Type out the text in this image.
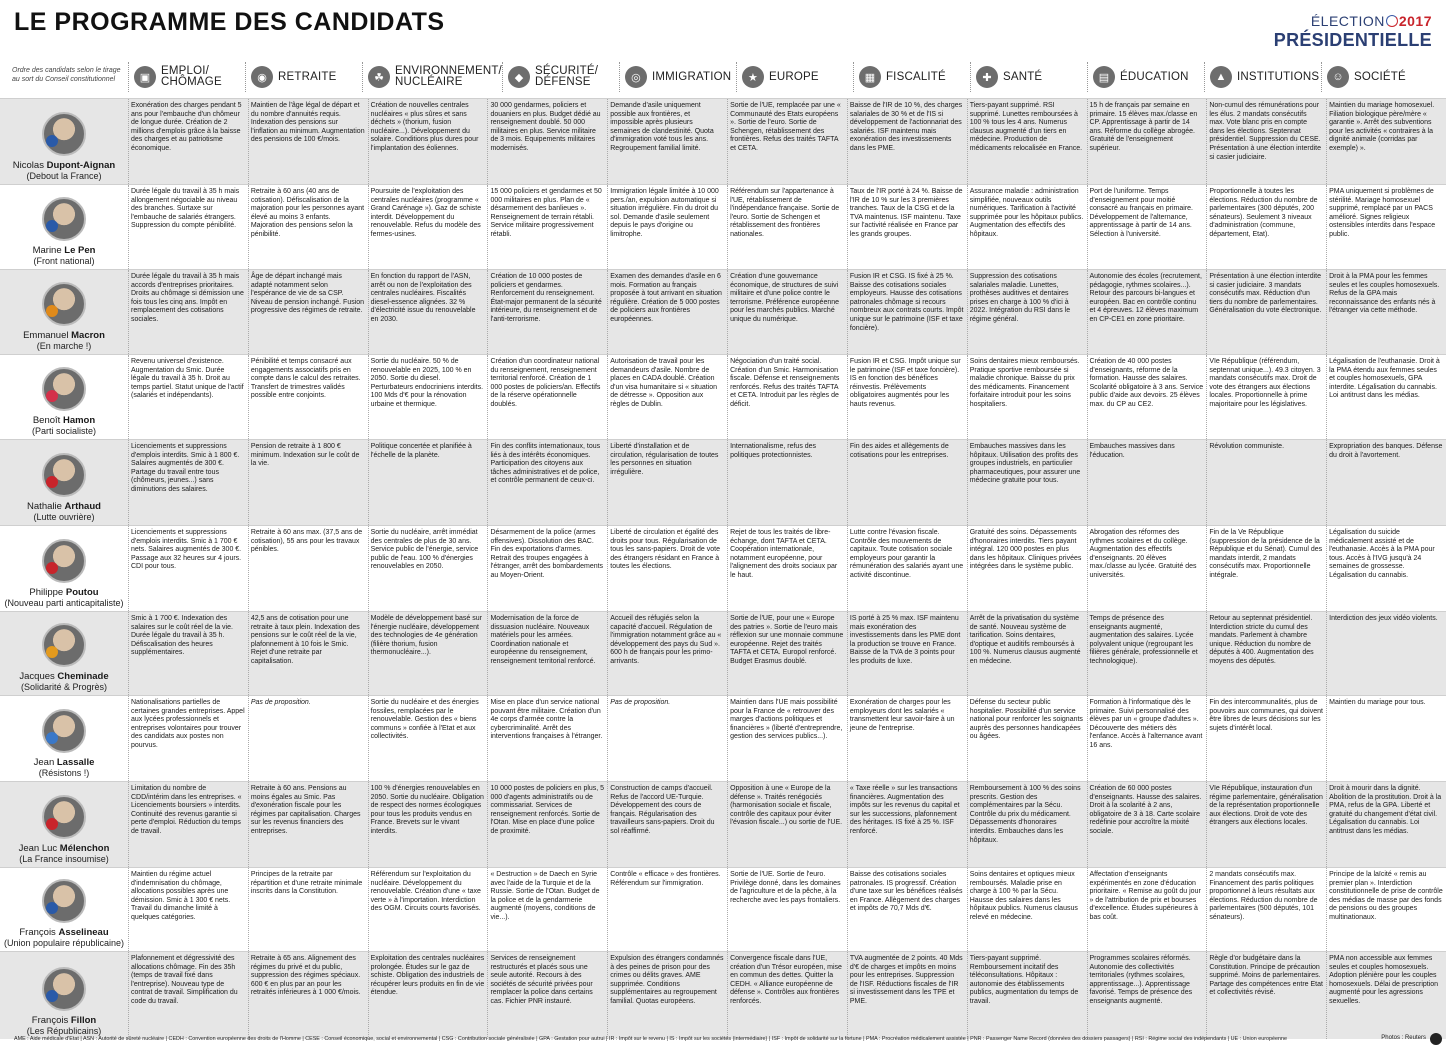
LE PROGRAMME DES CANDIDATS	ÉLECTION 2017
PRÉSIDENTIELLE
Ordre des candidats selon le tirage au sort du Conseil constitutionnel	▣
EMPLOI/
CHÔMAGE	◉ RETRAITE	☘
ENVIRONNEMENT/
NUCLÉAIRE	◆
SÉCURITÉ/
DÉFENSE	◎ IMMIGRATION	★ EUROPE	▦ FISCALITÉ	✚ SANTÉ	▤ ÉDUCATION	▲ INSTITUTIONS	☺ SOCIÉTÉ
Nicolas Dupont-Aignan
(Debout la France)
Exonération des charges pendant 5 ans pour l'embauche d'un chômeur de longue durée. Création de 2 millions d'emplois grâce à la baisse des charges et au patriotisme économique.
Maintien de l'âge légal de départ et du nombre d'annuités requis. Indexation des pensions sur l'inflation au minimum. Augmentation des pensions de 100 €/mois.
Création de nouvelles centrales nucléaires « plus sûres et sans déchets » (thorium, fusion nucléaire...). Développement du solaire. Conditions plus dures pour l'implantation des éoliennes.
30 000 gendarmes, policiers et douaniers en plus. Budget dédié au renseignement doublé. 50 000 militaires en plus. Service militaire de 3 mois. Equipements militaires modernisés.
Demande d'asile uniquement possible aux frontières, et impossible après plusieurs semaines de clandestinité. Quota d'immigration voté tous les ans. Regroupement familial limité.
Sortie de l'UE, remplacée par une « Communauté des Etats européens ». Sortie de l'euro. Sortie de Schengen, rétablissement des frontières. Refus des traités TAFTA et CETA.
Baisse de l'IR de 10 %, des charges salariales de 30 % et de l'IS si développement de l'actionnariat des salariés. ISF maintenu mais exonération des investissements dans les PME.
Tiers-payant supprimé. RSI supprimé. Lunettes remboursées à 100 % tous les 4 ans. Numerus clausus augmenté d'un tiers en médecine. Production de médicaments relocalisée en France.
15 h de français par semaine en primaire. 15 élèves max./classe en CP. Apprentissage à partir de 14 ans. Réforme du collège abrogée. Gratuité de l'enseignement supérieur.
Non-cumul des rémunérations pour les élus. 2 mandats consécutifs max. Vote blanc pris en compte dans les élections. Septennat présidentiel. Suppression du CESE. Présentation à une élection interdite si casier judiciaire.
Maintien du mariage homosexuel. Filiation biologique père/mère « garantie ». Arrêt des subventions pour les activités « contraires à la dignité animale (corridas par exemple) ».
Marine Le Pen
(Front national)
Durée légale du travail à 35 h mais allongement négociable au niveau des branches. Surtaxe sur l'embauche de salariés étrangers. Suppression du compte pénibilité.
Retraite à 60 ans (40 ans de cotisation). Défiscalisation de la majoration pour les personnes ayant élevé au moins 3 enfants. Majoration des pensions selon la pénibilité.
Poursuite de l'exploitation des centrales nucléaires (programme « Grand Carénage »). Gaz de schiste interdit. Développement du renouvelable. Refus du modèle des fermes-usines.
15 000 policiers et gendarmes et 50 000 militaires en plus. Plan de « désarmement des banlieues ». Renseignement de terrain rétabli. Service militaire progressivement rétabli.
Immigration légale limitée à 10 000 pers./an, expulsion automatique si situation irrégulière. Fin du droit du sol. Demande d'asile seulement depuis le pays d'origine ou limitrophe.
Référendum sur l'appartenance à l'UE, rétablissement de l'indépendance française. Sortie de l'euro. Sortie de Schengen et rétablissement des frontières nationales.
Taux de l'IR porté à 24 %. Baisse de l'IR de 10 % sur les 3 premières tranches. Taux de la CSG et de la TVA maintenus. ISF maintenu. Taxe sur l'activité réalisée en France par les grands groupes.
Assurance maladie : administration simplifiée, nouveaux outils numériques. Tarification à l'activité supprimée pour les hôpitaux publics. Augmentation des effectifs des hôpitaux.
Port de l'uniforme. Temps d'enseignement pour moitié consacré au français en primaire. Développement de l'alternance, apprentissage à partir de 14 ans. Sélection à l'université.
Proportionnelle à toutes les élections. Réduction du nombre de parlementaires (300 députés, 200 sénateurs). Seulement 3 niveaux d'administration (commune, département, Etat).
PMA uniquement si problèmes de stérilité. Mariage homosexuel supprimé, remplacé par un PACS amélioré. Signes religieux ostensibles interdits dans l'espace public.
Emmanuel Macron
(En marche !)
Durée légale du travail à 35 h mais accords d'entreprises prioritaires. Droits au chômage si démission une fois tous les cinq ans. Impôt en remplacement des cotisations sociales.
Âge de départ inchangé mais adapté notamment selon l'espérance de vie de sa CSP. Niveau de pension inchangé. Fusion progressive des régimes de retraite.
En fonction du rapport de l'ASN, arrêt ou non de l'exploitation des centrales nucléaires. Fiscalités diesel-essence alignées. 32 % d'électricité issue du renouvelable en 2030.
Création de 10 000 postes de policiers et gendarmes. Renforcement du renseignement. État-major permanent de la sécurité intérieure, du renseignement et de l'anti-terrorisme.
Examen des demandes d'asile en 6 mois. Formation au français proposée à tout arrivant en situation régulière. Création de 5 000 postes de policiers aux frontières européennes.
Création d'une gouvernance économique, de structures de suivi militaire et d'une police contre le terrorisme. Préférence européenne pour les marchés publics. Marché unique du numérique.
Fusion IR et CSG. IS fixé à 25 %. Baisse des cotisations sociales employeurs. Hausse des cotisations patronales chômage si recours nombreux aux contrats courts. Impôt unique sur le patrimoine (ISF et taxe foncière).
Suppression des cotisations salariales maladie. Lunettes, prothèses auditives et dentaires prises en charge à 100 % d'ici à 2022. Intégration du RSI dans le régime général.
Autonomie des écoles (recrutement, pédagogie, rythmes scolaires...). Retour des parcours bi-langues et européen. Bac en contrôle continu et 4 épreuves. 12 élèves maximum en CP-CE1 en zone prioritaire.
Présentation à une élection interdite si casier judiciaire. 3 mandats consécutifs max. Réduction d'un tiers du nombre de parlementaires. Généralisation du vote électronique.
Droit à la PMA pour les femmes seules et les couples homosexuels. Refus de la GPA mais reconnaissance des enfants nés à l'étranger via cette méthode.
Benoît Hamon
(Parti socialiste)
Revenu universel d'existence. Augmentation du Smic. Durée légale du travail à 35 h. Droit au temps partiel. Statut unique de l'actif (salariés et indépendants).
Pénibilité et temps consacré aux engagements associatifs pris en compte dans le calcul des retraites. Transfert de trimestres validés possible entre conjoints.
Sortie du nucléaire. 50 % de renouvelable en 2025, 100 % en 2050. Sortie du diesel. Perturbateurs endocriniens interdits. 100 Mds d'€ pour la rénovation urbaine et thermique.
Création d'un coordinateur national du renseignement, renseignement territorial renforcé. Création de 1 000 postes de policiers/an. Effectifs de la réserve opérationnelle doublés.
Autorisation de travail pour les demandeurs d'asile. Nombre de places en CADA doublé. Création d'un visa humanitaire si « situation de détresse ». Opposition aux règles de Dublin.
Négociation d'un traité social. Création d'un Smic. Harmonisation fiscale. Défense et renseignements renforcés. Refus des traités TAFTA et CETA. Introduit par les règles de déficit.
Fusion IR et CSG. Impôt unique sur le patrimoine (ISF et taxe foncière). IS en fonction des bénéfices réinvestis. Prélèvements obligatoires augmentés pour les hauts revenus.
Soins dentaires mieux remboursés. Pratique sportive remboursée si maladie chronique. Baisse du prix des médicaments. Financement forfaitaire introduit pour les soins hospitaliers.
Création de 40 000 postes d'enseignants, réforme de la formation. Hausse des salaires. Scolarité obligatoire à 3 ans. Service public d'aide aux devoirs. 25 élèves max. du CP au CE2.
VIe République (référendum, septennat unique...). 49.3 citoyen. 3 mandats consécutifs max. Droit de vote des étrangers aux élections locales. Proportionnelle à prime majoritaire pour les législatives.
Légalisation de l'euthanasie. Droit à la PMA étendu aux femmes seules et couples homosexuels, GPA interdite. Légalisation du cannabis. Loi antitrust dans les médias.
Nathalie Arthaud
(Lutte ouvrière)
Licenciements et suppressions d'emplois interdits. Smic à 1 800 €. Salaires augmentés de 300 €. Partage du travail entre tous (chômeurs, jeunes...) sans diminutions des salaires.
Pension de retraite à 1 800 € minimum. Indexation sur le coût de la vie.
Politique concertée et planifiée à l'échelle de la planète.
Fin des conflits internationaux, tous liés à des intérêts économiques. Participation des citoyens aux tâches administratives et de police, et contrôle permanent de ceux-ci.
Liberté d'installation et de circulation, régularisation de toutes les personnes en situation irrégulière.
Internationalisme, refus des politiques protectionnistes.
Fin des aides et allègements de cotisations pour les entreprises.
Embauches massives dans les hôpitaux. Utilisation des profits des groupes industriels, en particulier pharmaceutiques, pour assurer une médecine gratuite pour tous.
Embauches massives dans l'éducation.
Révolution communiste.	Expropriation des banques. Défense du droit à l'avortement.
Philippe Poutou
(Nouveau parti anticapitaliste)
Licenciements et suppressions d'emplois interdits. Smic à 1 700 € nets. Salaires augmentés de 300 €. Passage aux 32 heures sur 4 jours. CDI pour tous.
Retraite à 60 ans max. (37,5 ans de cotisation), 55 ans pour les travaux pénibles.
Sortie du nucléaire, arrêt immédiat des centrales de plus de 30 ans. Service public de l'énergie, service public de l'eau. 100 % d'énergies renouvelables en 2050.
Désarmement de la police (armes offensives). Dissolution des BAC. Fin des exportations d'armes. Retrait des troupes engagées à l'étranger, arrêt des bombardements au Moyen-Orient.
Liberté de circulation et égalité des droits pour tous. Régularisation de tous les sans-papiers. Droit de vote des étrangers résidant en France à toutes les élections.
Rejet de tous les traités de libre-échange, dont TAFTA et CETA. Coopération internationale, notamment européenne, pour l'alignement des droits sociaux par le haut.
Lutte contre l'évasion fiscale. Contrôle des mouvements de capitaux. Toute cotisation sociale employeurs pour garantir la rémunération des salariés ayant une activité discontinue.
Gratuité des soins. Dépassements d'honoraires interdits. Tiers payant intégral. 120 000 postes en plus dans les hôpitaux. Cliniques privées intégrées dans le système public.
Abrogation des réformes des rythmes scolaires et du collège. Augmentation des effectifs d'enseignants. 20 élèves max./classe au lycée. Gratuité des universités.
Fin de la Ve République (suppression de la présidence de la République et du Sénat). Cumul des mandats interdit, 2 mandats consécutifs max. Proportionnelle intégrale.
Légalisation du suicide médicalement assisté et de l'euthanasie. Accès à la PMA pour tous. Accès à l'IVG jusqu'à 24 semaines de grossesse. Légalisation du cannabis.
Jacques Cheminade
(Solidarité & Progrès)
Smic à 1 700 €. Indexation des salaires sur le coût réel de la vie. Durée légale du travail à 35 h. Défiscalisation des heures supplémentaires.
42,5 ans de cotisation pour une retraite à taux plein. Indexation des pensions sur le coût réel de la vie, plafonnement à 10 fois le Smic. Rejet d'une retraite par capitalisation.
Modèle de développement basé sur l'énergie nucléaire, développement des technologies de 4e génération (filière thorium, fusion thermonucléaire...).
Modernisation de la force de dissuasion nucléaire. Nouveaux matériels pour les armées. Coordination nationale et européenne du renseignement, renseignement territorial renforcé.
Accueil des réfugiés selon la capacité d'accueil. Régulation de l'immigration notamment grâce au « développement des pays du Sud ». 600 h de français pour les primo-arrivants.
Sortie de l'UE, pour une « Europe des patries ». Sortie de l'euro mais réflexion sur une monnaie commune européenne. Rejet des traités TAFTA et CETA. Europol renforcé. Budget Erasmus doublé.
IS porté à 25 % max. ISF maintenu mais exonération des investissements dans les PME dont la production se trouve en France. Baisse de la TVA de 3 points pour les produits de luxe.
Arrêt de la privatisation du système de santé. Nouveau système de tarification. Soins dentaires, d'optique et auditifs remboursés à 100 %. Numerus clausus augmenté en médecine.
Temps de présence des enseignants augmenté, augmentation des salaires. Lycée polyvalent unique (regroupant les filières générale, professionnelle et technologique).
Retour au septennat présidentiel. Interdiction stricte du cumul des mandats. Parlement à chambre unique. Réduction du nombre de députés à 400. Augmentation des moyens des députés.
Interdiction des jeux vidéo violents.
Jean Lassalle
(Résistons !)
Nationalisations partielles de certaines grandes entreprises. Appel aux lycées professionnels et entreprises volontaires pour trouver des candidats aux postes non pourvus.
Pas de proposition.	Sortie du nucléaire et des énergies fossiles, remplacées par le renouvelable. Gestion des « biens communs » confiée à l'Etat et aux collectivités.
Mise en place d'un service national pouvant être militaire. Création d'un 4e corps d'armée contre la cybercriminalité. Arrêt des interventions françaises à l'étranger.
Pas de proposition.	Maintien dans l'UE mais possibilité pour la France de « retrouver des marges d'actions politiques et financières » (liberté d'entreprendre, gestion des services publics...).
Exonération de charges pour les employeurs dont les salariés « transmettent leur savoir-faire à un jeune de l'entreprise.
Défense du secteur public hospitalier. Possibilité d'un service national pour renforcer les soignants auprès des personnes handicapées ou âgées.
Formation à l'informatique dès le primaire. Suivi personnalisé des élèves par un « groupe d'adultes ». Découverte des métiers dès l'enfance. Accès à l'alternance avant 16 ans.
Fin des intercommunalités, plus de pouvoirs aux communes, qui doivent être libres de leurs décisions sur les sujets d'intérêt local.
Maintien du mariage pour tous.
Jean Luc Mélenchon
(La France insoumise)
Limitation du nombre de CDD/intérim dans les entreprises. « Licenciements boursiers » interdits. Continuité des revenus garantie si perte d'emploi. Réduction du temps de travail.
Retraite à 60 ans. Pensions au moins égales au Smic. Pas d'exonération fiscale pour les régimes par capitalisation. Charges sur les revenus financiers des entreprises.
100 % d'énergies renouvelables en 2050. Sortie du nucléaire. Obligation de respect des normes écologiques pour tous les produits vendus en France. Brevets sur le vivant interdits.
10 000 postes de policiers en plus, 5 000 d'agents administratifs ou de commissariat. Services de renseignement renforcés. Sortie de l'Otan. Mise en place d'une police de proximité.
Construction de camps d'accueil. Refus de l'accord UE-Turquie. Développement des cours de français. Régularisation des travailleurs sans-papiers. Droit du sol réaffirmé.
Opposition à une « Europe de la défense ». Traités renégociés (harmonisation sociale et fiscale, contrôle des capitaux pour éviter l'évasion fiscale...) ou sortie de l'UE.
« Taxe réelle » sur les transactions financières. Augmentation des impôts sur les revenus du capital et sur les successions, plafonnement des héritages. IS fixé à 25 %. ISF renforcé.
Remboursement à 100 % des soins prescrits. Gestion des complémentaires par la Sécu. Contrôle du prix du médicament. Dépassements d'honoraires interdits. Embauches dans les hôpitaux.
Création de 60 000 postes d'enseignants. Hausse des salaires. Droit à la scolarité à 2 ans, obligatoire de 3 à 18. Carte scolaire redéfinie pour accroître la mixité sociale.
VIe République, instauration d'un régime parlementaire, généralisation de la représentation proportionnelle aux élections. Droit de vote des étrangers aux élections locales.
Droit à mourir dans la dignité. Abolition de la prostitution. Droit à la PMA, refus de la GPA. Liberté et gratuité du changement d'état civil. Légalisation du cannabis. Loi antitrust dans les médias.
François Asselineau
(Union populaire républicaine)
Maintien du régime actuel d'indemnisation du chômage, allocations possibles après une démission. Smic à 1 300 € nets. Travail du dimanche limité à quelques catégories.
Principes de la retraite par répartition et d'une retraite minimale inscrits dans la Constitution.
Référendum sur l'exploitation du nucléaire. Développement du renouvelable. Création d'une « taxe verte » à l'importation. Interdiction des OGM. Circuits courts favorisés.
« Destruction » de Daech en Syrie avec l'aide de la Turquie et de la Russie. Sortie de l'Otan. Budget de la police et de la gendarmerie augmenté (moyens, conditions de vie...).
Contrôle « efficace » des frontières. Référendum sur l'immigration.
Sortie de l'UE. Sortie de l'euro. Privilège donné, dans les domaines de l'agriculture et de la pêche, à la recherche avec les pays frontaliers.
Baisse des cotisations sociales patronales. IS progressif. Création d'une taxe sur les bénéfices réalisés en France. Allègement des charges et impôts de 70,7 Mds d'€.
Soins dentaires et optiques mieux remboursés. Maladie prise en charge à 100 % par la Sécu. Hausse des salaires dans les hôpitaux publics. Numerus clausus relevé en médecine.
Affectation d'enseignants expérimentés en zone d'éducation prioritaire. « Remise au goût du jour » de l'attribution de prix et bourses d'excellence. Études supérieures à bas coût.
2 mandats consécutifs max. Financement des partis politiques proportionnel à leurs résultats aux élections. Réduction du nombre de parlementaires (500 députés, 101 sénateurs).
Principe de la laïcité « remis au premier plan ». Interdiction constitutionnelle de prise de contrôle des médias de masse par des fonds de pensions ou des groupes multinationaux.
François Fillon
(Les Républicains)
Plafonnement et dégressivité des allocations chômage. Fin des 35h (temps de travail fixé dans l'entreprise). Nouveau type de contrat de travail. Simplification du code du travail.
Retraite à 65 ans. Alignement des régimes du privé et du public, suppression des régimes spéciaux. 600 € en plus par an pour les retraités inférieures à 1 000 €/mois.
Exploitation des centrales nucléaires prolongée. Études sur le gaz de schiste. Obligation des industriels de récupérer leurs produits en fin de vie étendue.
Services de renseignement restructurés et placés sous une seule autorité. Recours à des sociétés de sécurité privées pour remplacer la police dans certains cas. Fichier PNR instauré.
Expulsion des étrangers condamnés à des peines de prison pour des crimes ou délits graves. AME supprimée. Conditions supplémentaires au regroupement familial. Quotas européens.
Convergence fiscale dans l'UE, création d'un Trésor européen, mise en commun des dettes. Quitter la CEDH. « Alliance européenne de défense ». Contrôles aux frontières renforcés.
TVA augmentée de 2 points. 40 Mds d'€ de charges et impôts en moins pour les entreprises. Suppression de l'ISF. Réductions fiscales de l'IR si investissement dans les TPE et PME.
Tiers-payant supprimé. Remboursement incitatif des téléconsultations. Hôpitaux : autonomie des établissements publics, augmentation du temps de travail.
Programmes scolaires réformés. Autonomie des collectivités territoriales (rythmes scolaires, apprentissage...). Apprentissage favorisé. Temps de présence des enseignants augmenté.
Règle d'or budgétaire dans la Constitution. Principe de précaution supprimé. Moins de parlementaires. Partage des compétences entre Etat et collectivités révisé.
PMA non accessible aux femmes seules et couples homosexuels. Adoption plénière pour les couples homosexuels. Délai de prescription augmenté pour les agressions sexuelles.
AME : Aide médicale d'État | ASN : Autorité de sûreté nucléaire | CEDH : Convention européenne des droits de l'Homme | CESE : Conseil économique, social et environnemental | CSG : Contribution sociale généralisée | GPA : Gestation pour autrui | IR : Impôt sur le revenu | IS : Impôt sur les sociétés (intermédiaire) | ISF : Impôt de solidarité sur la fortune | PMA : Procréation médicalement assistée | PNR : Passenger Name Record (données des dossiers passagers) | RSI : Régime social des indépendants | UE : Union européenne	Photos : Reuters
